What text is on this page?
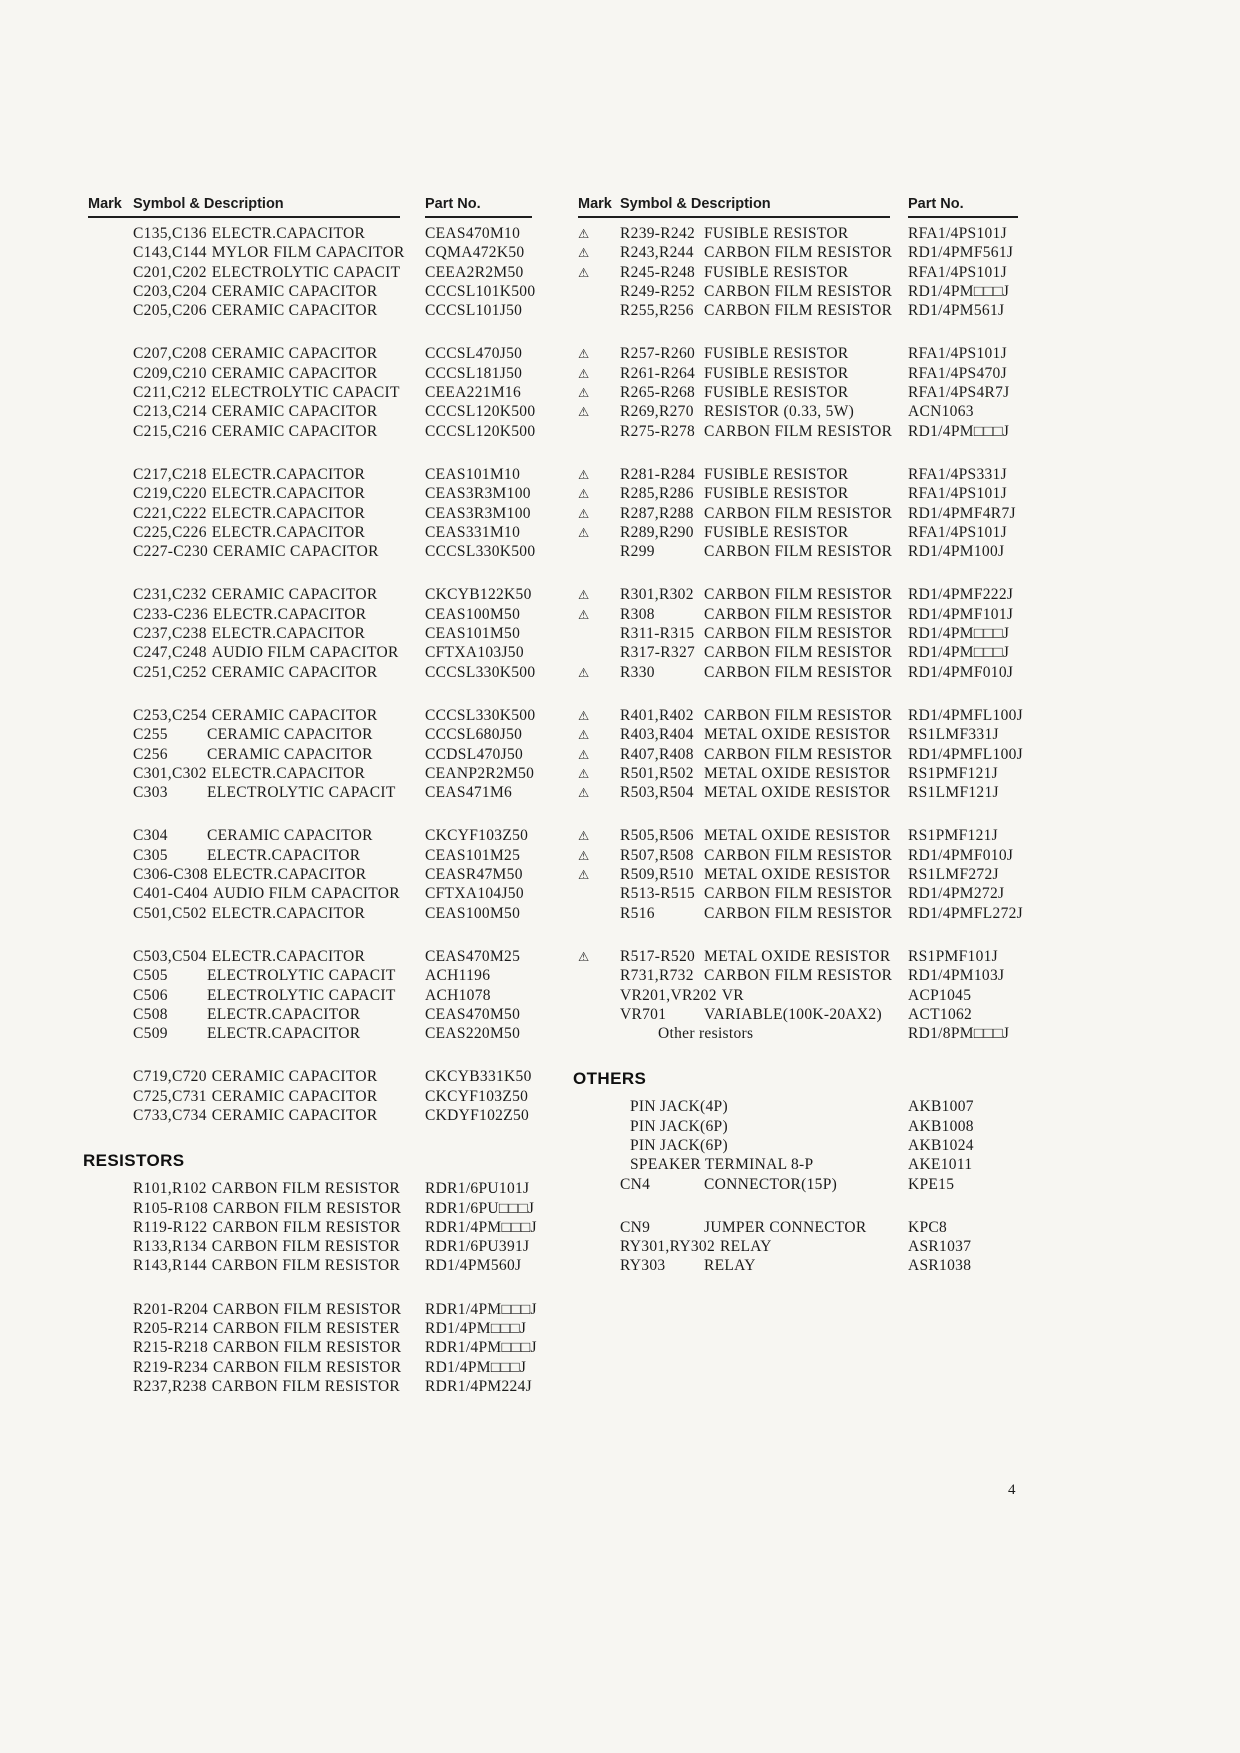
Mark Symbol & Description	Part No.
C135,C136 ELECTR.CAPACITOR	CEAS470M10
C143,C144 MYLOR FILM CAPACITOR	CQMA472K50
C201,C202 ELECTROLYTIC CAPACIT	CEEA2R2M50
C203,C204 CERAMIC CAPACITOR	CCCSL101K500
C205,C206 CERAMIC CAPACITOR	CCCSL101J50
C207,C208 CERAMIC CAPACITOR	CCCSL470J50
C209,C210 CERAMIC CAPACITOR	CCCSL181J50
C211,C212 ELECTROLYTIC CAPACIT	CEEA221M16
C213,C214 CERAMIC CAPACITOR	CCCSL120K500
C215,C216 CERAMIC CAPACITOR	CCCSL120K500
C217,C218 ELECTR.CAPACITOR	CEAS101M10
C219,C220 ELECTR.CAPACITOR	CEAS3R3M100
C221,C222 ELECTR.CAPACITOR	CEAS3R3M100
C225,C226 ELECTR.CAPACITOR	CEAS331M10
C227-C230 CERAMIC CAPACITOR	CCCSL330K500
C231,C232 CERAMIC CAPACITOR	CKCYB122K50
C233-C236 ELECTR.CAPACITOR	CEAS100M50
C237,C238 ELECTR.CAPACITOR	CEAS101M50
C247,C248 AUDIO FILM CAPACITOR	CFTXA103J50
C251,C252 CERAMIC CAPACITOR	CCCSL330K500
C253,C254 CERAMIC CAPACITOR	CCCSL330K500
C255	CERAMIC CAPACITOR	CCCSL680J50
C256	CERAMIC CAPACITOR	CCDSL470J50
C301,C302 ELECTR.CAPACITOR	CEANP2R2M50
C303	ELECTROLYTIC CAPACIT	CEAS471M6
C304	CERAMIC CAPACITOR	CKCYF103Z50
C305	ELECTR.CAPACITOR	CEAS101M25
C306-C308 ELECTR.CAPACITOR	CEASR47M50
C401-C404 AUDIO FILM CAPACITOR	CFTXA104J50
C501,C502 ELECTR.CAPACITOR	CEAS100M50
C503,C504 ELECTR.CAPACITOR	CEAS470M25
C505	ELECTROLYTIC CAPACIT	ACH1196
C506	ELECTROLYTIC CAPACIT	ACH1078
C508	ELECTR.CAPACITOR	CEAS470M50
C509	ELECTR.CAPACITOR	CEAS220M50
C719,C720 CERAMIC CAPACITOR	CKCYB331K50
C725,C731 CERAMIC CAPACITOR	CKCYF103Z50
C733,C734 CERAMIC CAPACITOR	CKDYF102Z50
RESISTORS
R101,R102 CARBON FILM RESISTOR	RDR1/6PU101J
R105-R108 CARBON FILM RESISTOR	RDR1/6PU□□□J
R119-R122 CARBON FILM RESISTOR	RDR1/4PM□□□J
R133,R134 CARBON FILM RESISTOR	RDR1/6PU391J
R143,R144 CARBON FILM RESISTOR	RD1/4PM560J
R201-R204 CARBON FILM RESISTOR	RDR1/4PM□□□J
R205-R214 CARBON FILM RESISTER	RD1/4PM□□□J
R215-R218 CARBON FILM RESISTOR	RDR1/4PM□□□J
R219-R234 CARBON FILM RESISTOR	RD1/4PM□□□J
R237,R238 CARBON FILM RESISTOR	RDR1/4PM224J
Mark Symbol & Description	Part No.
⚠	R239-R242 FUSIBLE RESISTOR	RFA1/4PS101J
⚠	R243,R244 CARBON FILM RESISTOR	RD1/4PMF561J
⚠	R245-R248 FUSIBLE RESISTOR	RFA1/4PS101J
R249-R252 CARBON FILM RESISTOR	RD1/4PM□□□J
R255,R256 CARBON FILM RESISTOR	RD1/4PM561J
⚠	R257-R260 FUSIBLE RESISTOR	RFA1/4PS101J
⚠	R261-R264 FUSIBLE RESISTOR	RFA1/4PS470J
⚠	R265-R268 FUSIBLE RESISTOR	RFA1/4PS4R7J
⚠	R269,R270 RESISTOR (0.33, 5W)	ACN1063
R275-R278 CARBON FILM RESISTOR	RD1/4PM□□□J
⚠	R281-R284 FUSIBLE RESISTOR	RFA1/4PS331J
⚠	R285,R286 FUSIBLE RESISTOR	RFA1/4PS101J
⚠	R287,R288 CARBON FILM RESISTOR	RD1/4PMF4R7J
⚠	R289,R290 FUSIBLE RESISTOR	RFA1/4PS101J
R299	CARBON FILM RESISTOR	RD1/4PM100J
⚠	R301,R302 CARBON FILM RESISTOR	RD1/4PMF222J
⚠	R308	CARBON FILM RESISTOR	RD1/4PMF101J
R311-R315 CARBON FILM RESISTOR	RD1/4PM□□□J
R317-R327 CARBON FILM RESISTOR	RD1/4PM□□□J
⚠	R330	CARBON FILM RESISTOR	RD1/4PMF010J
⚠	R401,R402 CARBON FILM RESISTOR	RD1/4PMFL100J
⚠	R403,R404 METAL OXIDE RESISTOR	RS1LMF331J
⚠	R407,R408 CARBON FILM RESISTOR	RD1/4PMFL100J
⚠	R501,R502 METAL OXIDE RESISTOR	RS1PMF121J
⚠	R503,R504 METAL OXIDE RESISTOR	RS1LMF121J
⚠	R505,R506 METAL OXIDE RESISTOR	RS1PMF121J
⚠	R507,R508 CARBON FILM RESISTOR	RD1/4PMF010J
⚠	R509,R510 METAL OXIDE RESISTOR	RS1LMF272J
R513-R515 CARBON FILM RESISTOR	RD1/4PM272J
R516	CARBON FILM RESISTOR	RD1/4PMFL272J
⚠	R517-R520 METAL OXIDE RESISTOR	RS1PMF101J
R731,R732 CARBON FILM RESISTOR	RD1/4PM103J
VR201,VR202 VR	ACP1045
VR701 VARIABLE(100K-20AX2)	ACT1062
Other resistors	RD1/8PM□□□J
OTHERS
PIN JACK(4P)	AKB1007
PIN JACK(6P)	AKB1008
PIN JACK(6P)	AKB1024
SPEAKER TERMINAL 8-P	AKE1011
CN4	CONNECTOR(15P)	KPE15
CN9	JUMPER CONNECTOR	KPC8
RY301,RY302 RELAY	ASR1037
RY303 RELAY	ASR1038
4
